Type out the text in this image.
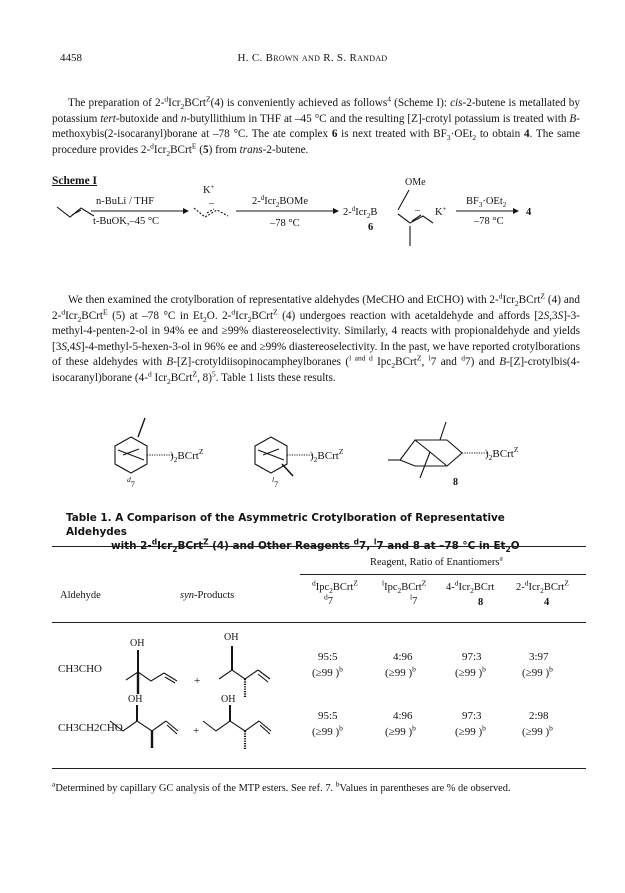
4458	H. C. Brown and R. S. Randad

The preparation of 2-$^d$Icr$_2$BCrt$^Z$(4) is conveniently achieved as follows$^4$ (Scheme I): cis-2-butene is metallated by potassium tert-butoxide and n-butyllithium in THF at –45 °C and the resulting [Z]-crotyl potassium is treated with B-methoxybis(2-isocaranyl)borane at –78 °C. The ate complex 6 is next treated with $BF_3\cdot OEt_2$ to obtain 4. The same procedure provides 2-$^d$Icr$_2$BCrt$^E$ (5) from trans-2-butene.

Scheme I
n-BuLi / THF
t-BuOK,–45 °C
K+
–	2-$^d$Icr$_2$BOMe
–78 °C
2-$^d$Icr$_2$B
OMe
–
6
K+
$BF_3\cdot OEt_2$
–78 °C
4
)$_2BCrt^Z$
$^d_7$
)$_2BCrt^Z$
$^l_7$
)$_2BCrt^Z$
8
OH
+
OH
OH
+
OH

We then examined the crotylboration of representative aldehydes (MeCHO and EtCHO) with 2-$^d$Icr$_2$BCrt$^Z$ (4) and 2-$^d$Icr$_2$BCrt$^E$ (5) at –78 °C in $Et_2O$. 2-$^d$Icr$_2$BCrt$^Z$ (4) undergoes reaction with acetaldehyde and affords [2S,3S]-3-methyl-4-penten-2-ol in 94% ee and ≥99% diastereoselectivity. Similarly, 4 reacts with propionaldehyde and yields [3S,4S]-4-methyl-5-hexen-3-ol in 96% ee and ≥99% diastereoselectivity. In the past, we have reported crotylborations of these aldehydes with B-[Z]-crotyldiisopinocampheylboranes ($^l$ $^{and}$ $^d$ Ipc$_2$BCrt$^Z$, $^l$7 and $^d$7) and B-[Z]-crotylbis(4-isocaranyl)borane (4-$^d$ Icr$_2$BCrt$^Z$, 8)$^5$. Table 1 lists these results.

Table 1. A Comparison of the Asymmetric Crotylboration of Representative Aldehydes
with 2-$^d$Icr$_2$BCrt$^Z$ (4) and Other Reagents $^d$7, $^l$7 and 8 at –78 °C in $Et_2O$
Reagent, Ratio of Enantiomers$^a$
Aldehyde	syn-Products
$^d$Ipc$_2$BCrt$^Z$
$^d$7
$^l$Ipc$_2$BCrt$^Z$
$^l$7
4-$^d$Icr$_2$BCrt
8
2-$^d$Icr$_2$BCrt$^Z$
4
CH3CHO
95:5	4:96	97:3	3:97
(≥99 )$^b$	(≥99 )$^b$	(≥99 )$^b$	(≥99 )$^b$
CH3CH2CHO
95:5	4:96	97:3	2:98
(≥99 )$^b$	(≥99 )$^b$	(≥99 )$^b$	(≥99 )$^b$
$^a$Determined by capillary GC analysis of the MTP esters. See ref. 7. $^b$Values in parentheses are % de observed.
